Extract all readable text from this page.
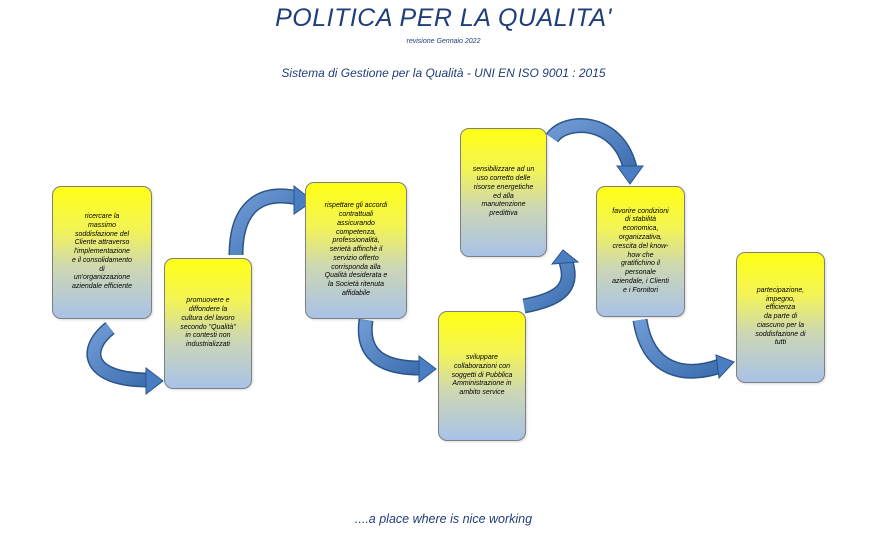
POLITICA PER LA QUALITA'
revisione Gennaio 2022
Sistema di Gestione per la Qualità - UNI EN ISO 9001 : 2015
ricercare la
massimo
soddisfazione del
Cliente attraverso
l'implementazione
e il consolidamento
di
un'organizzazione
aziendale efficiente
promuovere e
diffondere la
cultura del lavoro
secondo "Qualità"
in contesti non
industrializzati
rispettare gli accordi
contrattuali
assicurando
competenza,
professionalità,
serietà affinchè il
servizio offerto
corrisponda alla
Qualità desiderata e
la Società ritenuta
affidabile
sviluppare
collaborazioni con
soggetti di Pubblica
Amministrazione in
ambito service
sensibilizzare ad un
uso corretto delle
risorse energetiche
ed alla
manutenzione
predittiva	favorire condizioni
di stabilità
economica,
organizzativa,
crescita del know-
how che
gratifichino il
personale
aziendale, i Clienti
e i Fornitori	partecipazione,
impegno,
efficienza
da parte di
ciascuno per la
soddisfazione di
tutti
....a place where is nice working
